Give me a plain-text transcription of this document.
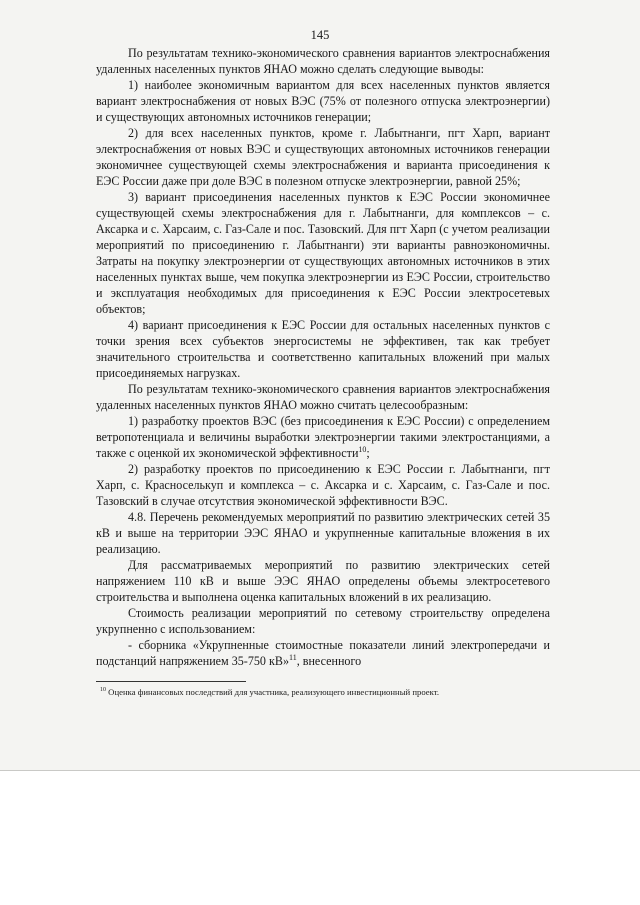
145

По результатам технико-экономического сравнения вариантов электроснабжения удаленных населенных пунктов ЯНАО можно сделать следующие выводы:

1) наиболее экономичным вариантом для всех населенных пунктов является вариант электроснабжения от новых ВЭС (75% от полезного отпуска электроэнергии) и существующих автономных источников генерации;

2) для всех населенных пунктов, кроме г. Лабытнанги, пгт Харп, вариант электроснабжения от новых ВЭС и существующих автономных источников генерации экономичнее существующей схемы электроснабжения и варианта присоединения к ЕЭС России даже при доле ВЭС в полезном отпуске электроэнергии, равной 25%;

3) вариант присоединения населенных пунктов к ЕЭС России экономичнее существующей схемы электроснабжения для г. Лабытнанги, для комплексов – с. Аксарка и с. Харсаим, с. Газ-Сале и пос. Тазовский. Для пгт Харп (с учетом реализации мероприятий по присоединению г. Лабытнанги) эти варианты равноэкономичны. Затраты на покупку электроэнергии от существующих автономных источников в этих населенных пунктах выше, чем покупка электроэнергии из ЕЭС России, строительство и эксплуатация необходимых для присоединения к ЕЭС России электросетевых объектов;

4) вариант присоединения к ЕЭС России для остальных населенных пунктов с точки зрения всех субъектов энергосистемы не эффективен, так как требует значительного строительства и соответственно капитальных вложений при малых присоединяемых нагрузках.

По результатам технико-экономического сравнения вариантов электроснабжения удаленных населенных пунктов ЯНАО можно считать целесообразным:

1) разработку проектов ВЭС (без присоединения к ЕЭС России) с определением ветропотенциала и величины выработки электроэнергии такими электростанциями, а также с оценкой их экономической эффективности$^{10}$;

2) разработку проектов по присоединению к ЕЭС России г. Лабытнанги, пгт Харп, с. Красноселькуп и комплекса – с. Аксарка и с. Харсаим, с. Газ-Сале и пос. Тазовский в случае отсутствия экономической эффективности ВЭС.

4.8. Перечень рекомендуемых мероприятий по развитию электрических сетей 35 кВ и выше на территории ЭЭС ЯНАО и укрупненные капитальные вложения в их реализацию.

Для рассматриваемых мероприятий по развитию электрических сетей напряжением 110 кВ и выше ЭЭС ЯНАО определены объемы электросетевого строительства и выполнена оценка капитальных вложений в их реализацию.

Стоимость реализации мероприятий по сетевому строительству определена укрупненно с использованием:

- сборника «Укрупненные стоимостные показатели линий электропередачи и подстанций напряжением 35-750 кВ»$^{11}$, внесенного

$^{10}$ Оценка финансовых последствий для участника, реализующего инвестиционный проект.
